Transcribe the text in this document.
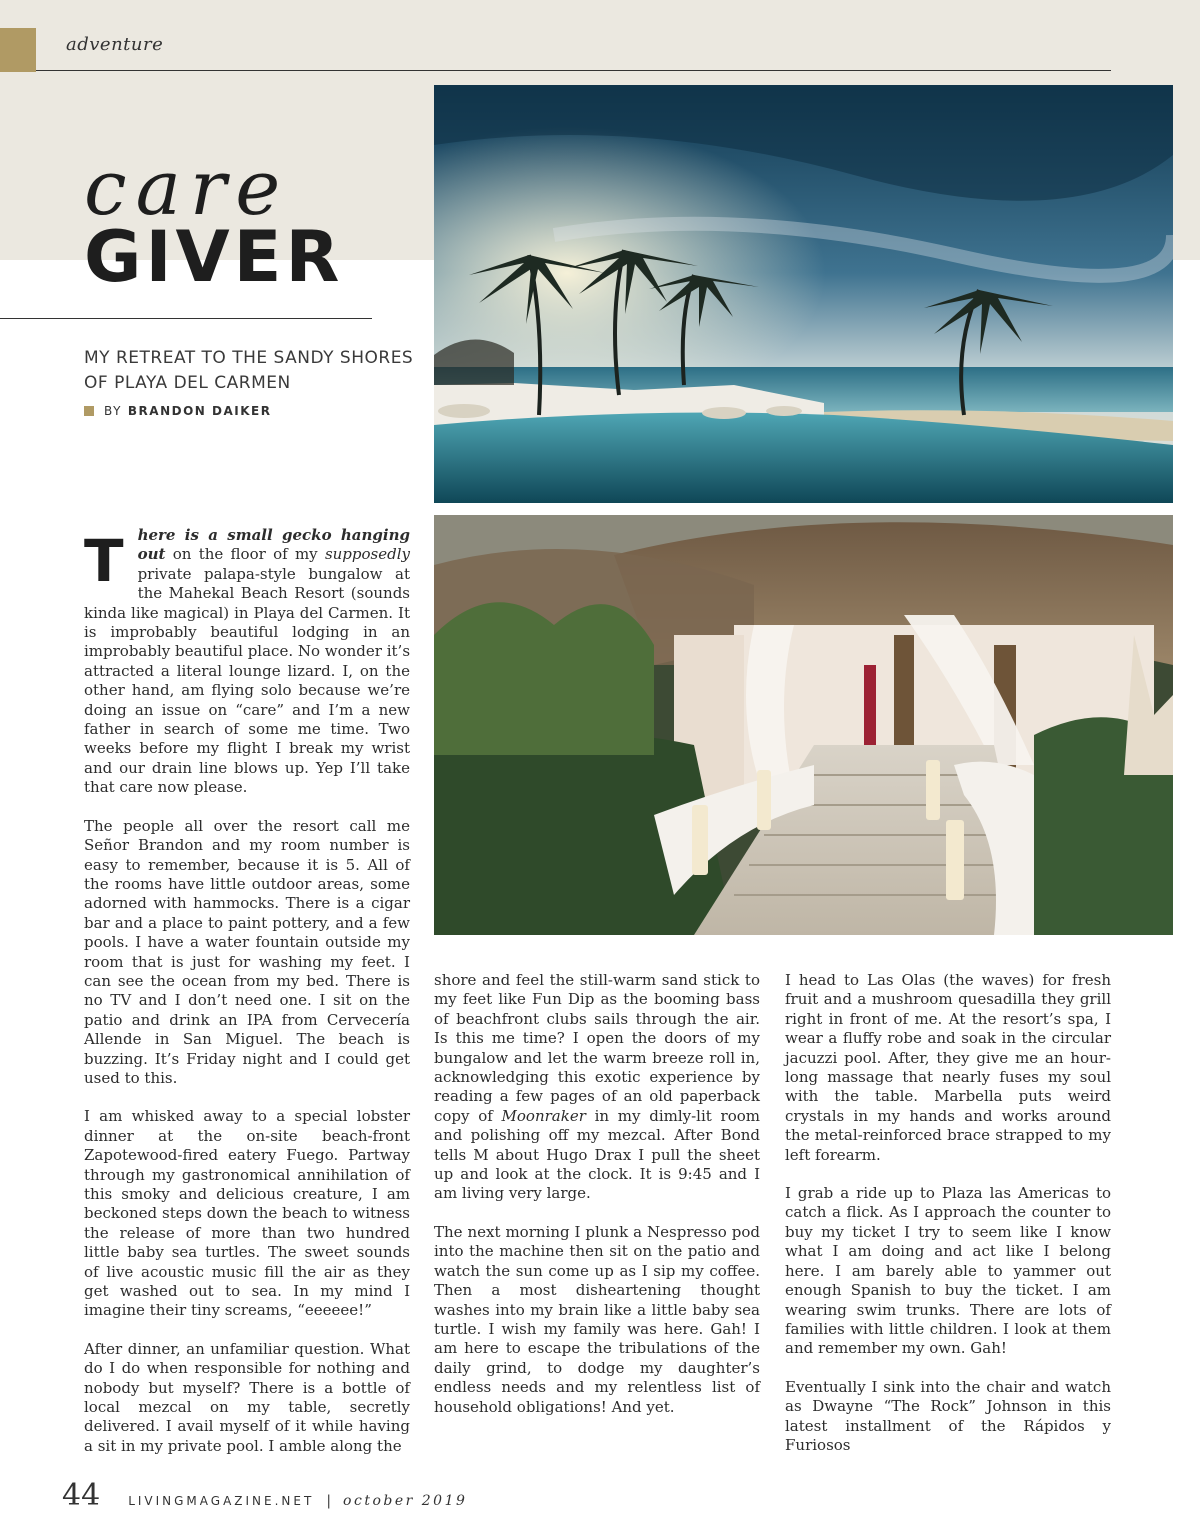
adventure
care
GIVER
MY RETREAT TO THE SANDY SHORES OF PLAYA DEL CARMEN
BY BRANDON DAIKER

There is a small gecko hanging out on the floor of my supposedly private palapa-style bungalow at the Mahekal Beach Resort (sounds kinda like magical) in Playa del Carmen. It is improbably beautiful lodging in an improbably beautiful place. No wonder it’s attracted a literal lounge lizard. I, on the other hand, am flying solo because we’re doing an issue on “care” and I’m a new father in search of some me time. Two weeks before my flight I break my wrist and our drain line blows up. Yep I’ll take that care now please.

The people all over the resort call me Señor Brandon and my room number is easy to remember, because it is 5. All of the rooms have little outdoor areas, some adorned with hammocks. There is a cigar bar and a place to paint pottery, and a few pools. I have a water fountain outside my room that is just for washing my feet. I can see the ocean from my bed. There is no TV and I don’t need one. I sit on the patio and drink an IPA from Cervecería Allende in San Miguel. The beach is buzzing. It’s Friday night and I could get used to this.

I am whisked away to a special lobster dinner at the on-site beach-front Zapotewood-fired eatery Fuego. Partway through my gastronomical annihilation of this smoky and delicious creature, I am beckoned steps down the beach to witness the release of more than two hundred little baby sea turtles. The sweet sounds of live acoustic music fill the air as they get washed out to sea. In my mind I imagine their tiny screams, “eeeeee!”

After dinner, an unfamiliar question. What do I do when responsible for nothing and nobody but myself? There is a bottle of local mezcal on my table, secretly delivered. I avail myself of it while having a sit in my private pool. I amble along the

shore and feel the still-warm sand stick to my feet like Fun Dip as the booming bass of beachfront clubs sails through the air. Is this me time? I open the doors of my bungalow and let the warm breeze roll in, acknowledging this exotic experience by reading a few pages of an old paperback copy of Moonraker in my dimly-lit room and polishing off my mezcal. After Bond tells M about Hugo Drax I pull the sheet up and look at the clock. It is 9:45 and I am living very large.

The next morning I plunk a Nespresso pod into the machine then sit on the patio and watch the sun come up as I sip my coffee. Then a most disheartening thought washes into my brain like a little baby sea turtle. I wish my family was here. Gah! I am here to escape the tribulations of the daily grind, to dodge my daughter’s endless needs and my relentless list of household obligations! And yet.

I head to Las Olas (the waves) for fresh fruit and a mushroom quesadilla they grill right in front of me. At the resort’s spa, I wear a fluffy robe and soak in the circular jacuzzi pool. After, they give me an hour-long massage that nearly fuses my soul with the table. Marbella puts weird crystals in my hands and works around the metal-reinforced brace strapped to my left forearm.

I grab a ride up to Plaza las Americas to catch a flick. As I approach the counter to buy my ticket I try to seem like I know what I am doing and act like I belong here. I am barely able to yammer out enough Spanish to buy the ticket. I am wearing swim trunks. There are lots of families with little children. I look at them and remember my own. Gah!

Eventually I sink into the chair and watch as Dwayne “The Rock” Johnson in this latest installment of the Rápidos y Furiosos

44 LIVINGMAGAZINE.NET | october 2019
